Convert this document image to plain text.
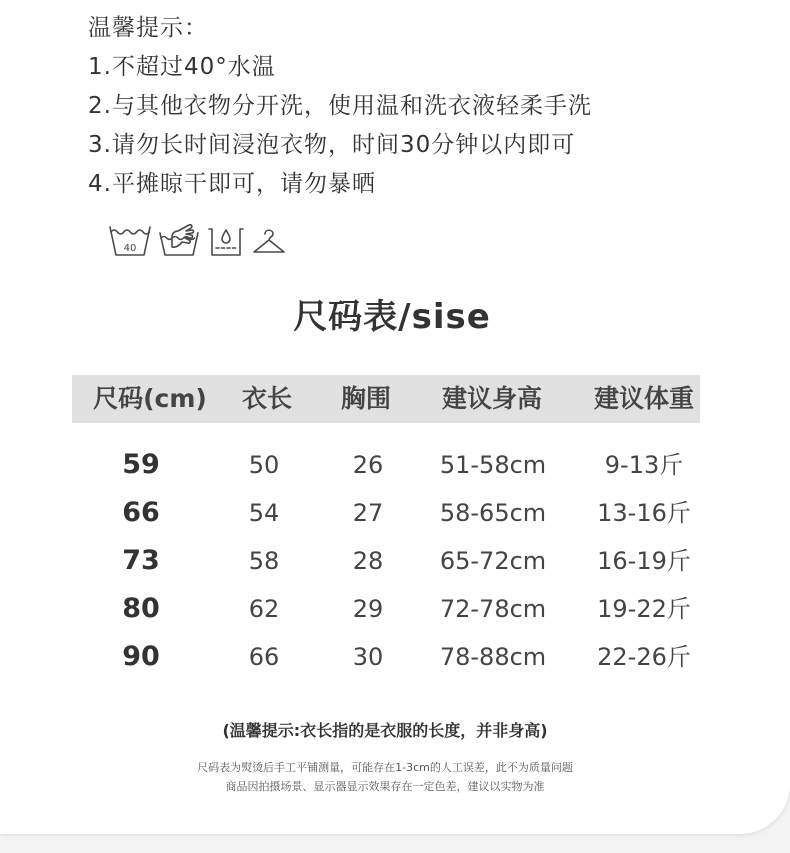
温馨提示：
1.不超过40°水温
2.与其他衣物分开洗，使用温和洗衣液轻柔手洗
3.请勿长时间浸泡衣物，时间30分钟以内即可
4.平摊晾干即可，请勿暴晒
40
尺码表/sise
尺码(cm) 衣长 胸围 建议身高 建议体重
59	50	26 51-58cm 9-13斤
66	54	27 58-65cm 13-16斤
73	58	28 65-72cm 16-19斤
80	62	29 72-78cm 19-22斤
90	66	30 78-88cm 22-26斤
(温馨提示:衣长指的是衣服的长度，并非身高)
尺码表为熨烫后手工平铺测量，可能存在1-3cm的人工误差，此不为质量问题
商品因拍摄场景、显示器显示效果存在一定色差，建议以实物为准
